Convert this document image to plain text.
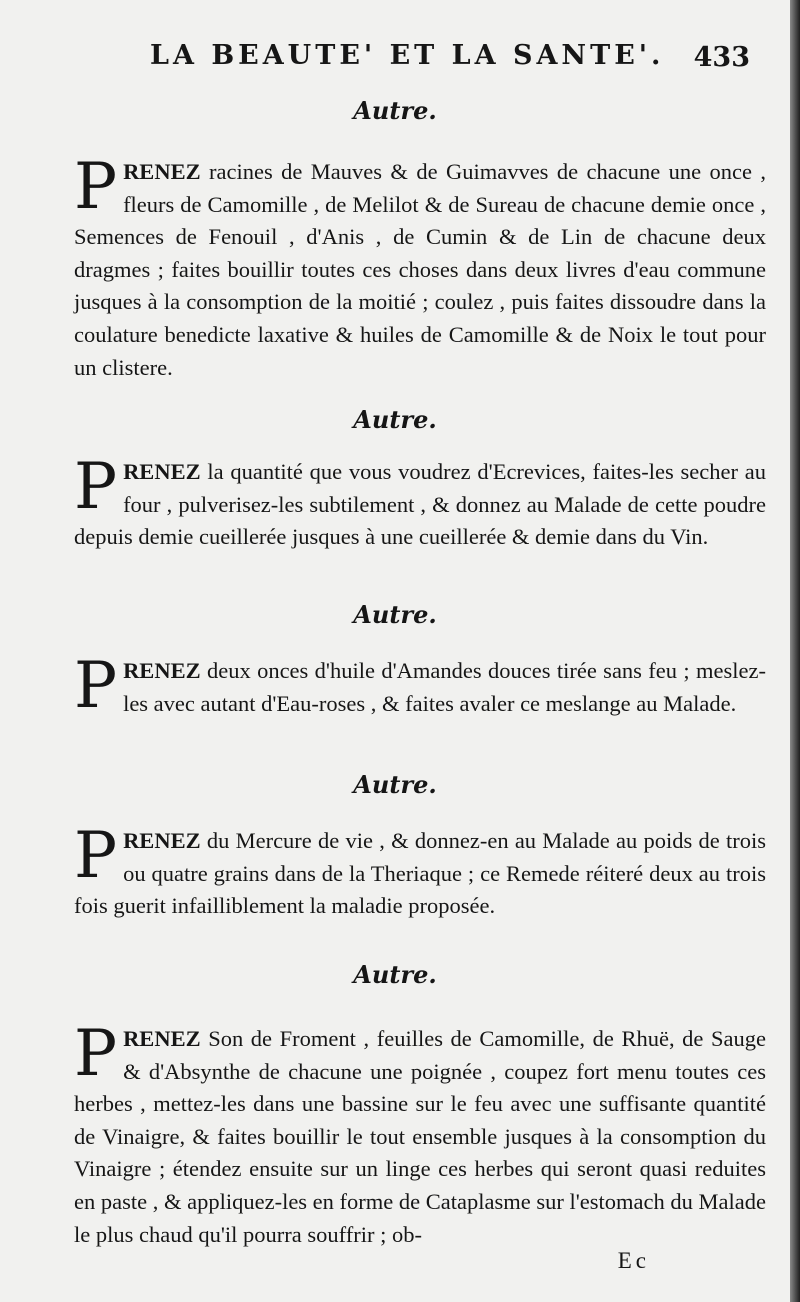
LA BEAUTE' ET LA SANTE'. 433
Autre.
PRENEZ racines de Mauves & de Guimavves de chacune une once , fleurs de Camomille , de Melilot & de Sureau de chacune demie once , Semences de Fenouil , d'Anis , de Cumin & de Lin de chacune deux dragmes ; faites bouillir toutes ces choses dans deux livres d'eau commune jusques à la consomption de la moitié ; coulez , puis faites dissoudre dans la coulature benedicte laxative & huiles de Camomille & de Noix le tout pour un clistere.
Autre.
PRENEZ la quantité que vous voudrez d'Ecrevices, faites-les secher au four , pulverisez-les subtilement , & donnez au Malade de cette poudre depuis demie cueillerée jusques à une cueillerée & demie dans du Vin.
Autre.
PRENEZ deux onces d'huile d'Amandes douces tirée sans feu ; meslez-les avec autant d'Eau-roses , & faites avaler ce meslange au Malade.
Autre.
PRENEZ du Mercure de vie , & donnez-en au Malade au poids de trois ou quatre grains dans de la Theriaque ; ce Remede réiteré deux au trois fois guerit infailliblement la maladie proposée.
Autre.
PRENEZ Son de Froment , feuilles de Camomille, de Rhuë, de Sauge & d'Absynthe de chacune une poignée , coupez fort menu toutes ces herbes , mettez-les dans une bassine sur le feu avec une suffisante quantité de Vinaigre, & faites bouillir le tout ensemble jusques à la consomption du Vinaigre ; étendez ensuite sur un linge ces herbes qui seront quasi reduites en paste , & appliquez-les en forme de Cataplasme sur l'estomach du Malade le plus chaud qu'il pourra souffrir ; ob-
Ec
